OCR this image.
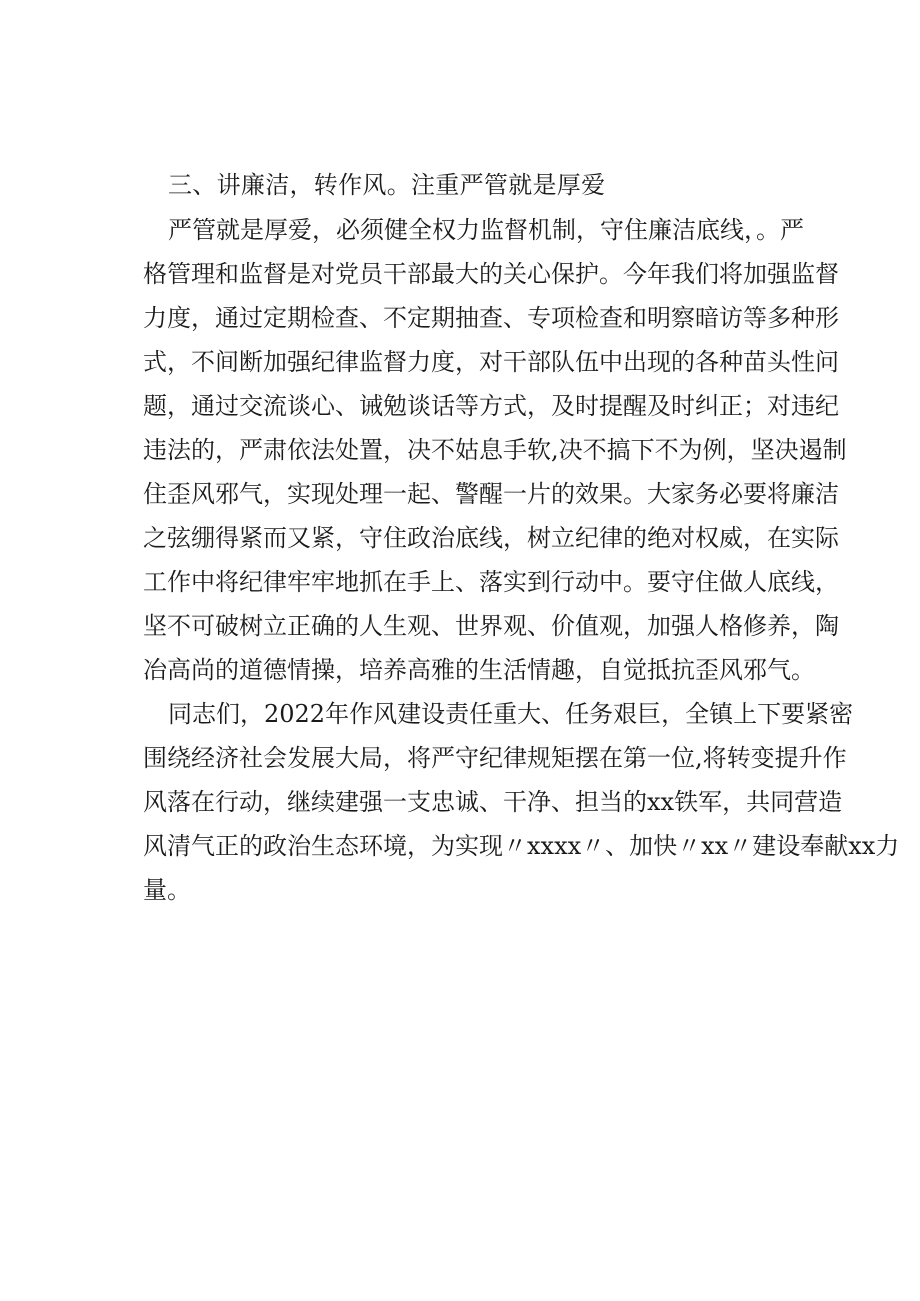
三、讲廉洁，转作风。注重严管就是厚爱
严管就是厚爱，必须健全权力监督机制，守住廉洁底线，。严
格管理和监督是对党员干部最大的关心保护。今年我们将加强监督
力度，通过定期检查、不定期抽查、专项检查和明察暗访等多种形
式，不间断加强纪律监督力度，对干部队伍中出现的各种苗头性问
题，通过交流谈心、诫勉谈话等方式，及时提醒及时纠正；对违纪
违法的，严肃依法处置，决不姑息手软,决不搞下不为例，坚决遏制
住歪风邪气，实现处理一起、警醒一片的效果。大家务必要将廉洁
之弦绷得紧而又紧，守住政治底线，树立纪律的绝对权威，在实际
工作中将纪律牢牢地抓在手上、落实到行动中。要守住做人底线，
坚不可破树立正确的人生观、世界观、价值观，加强人格修养，陶
冶高尚的道德情操，培养高雅的生活情趣，自觉抵抗歪风邪气。
同志们，2022年作风建设责任重大、任务艰巨，全镇上下要紧密
围绕经济社会发展大局，将严守纪律规矩摆在第一位,将转变提升作
风落在行动，继续建强一支忠诚、干净、担当的xx铁军，共同营造
风清气正的政治生态环境，为实现〃xxxx〃、加快〃xx〃建设奉献xx力
量。
